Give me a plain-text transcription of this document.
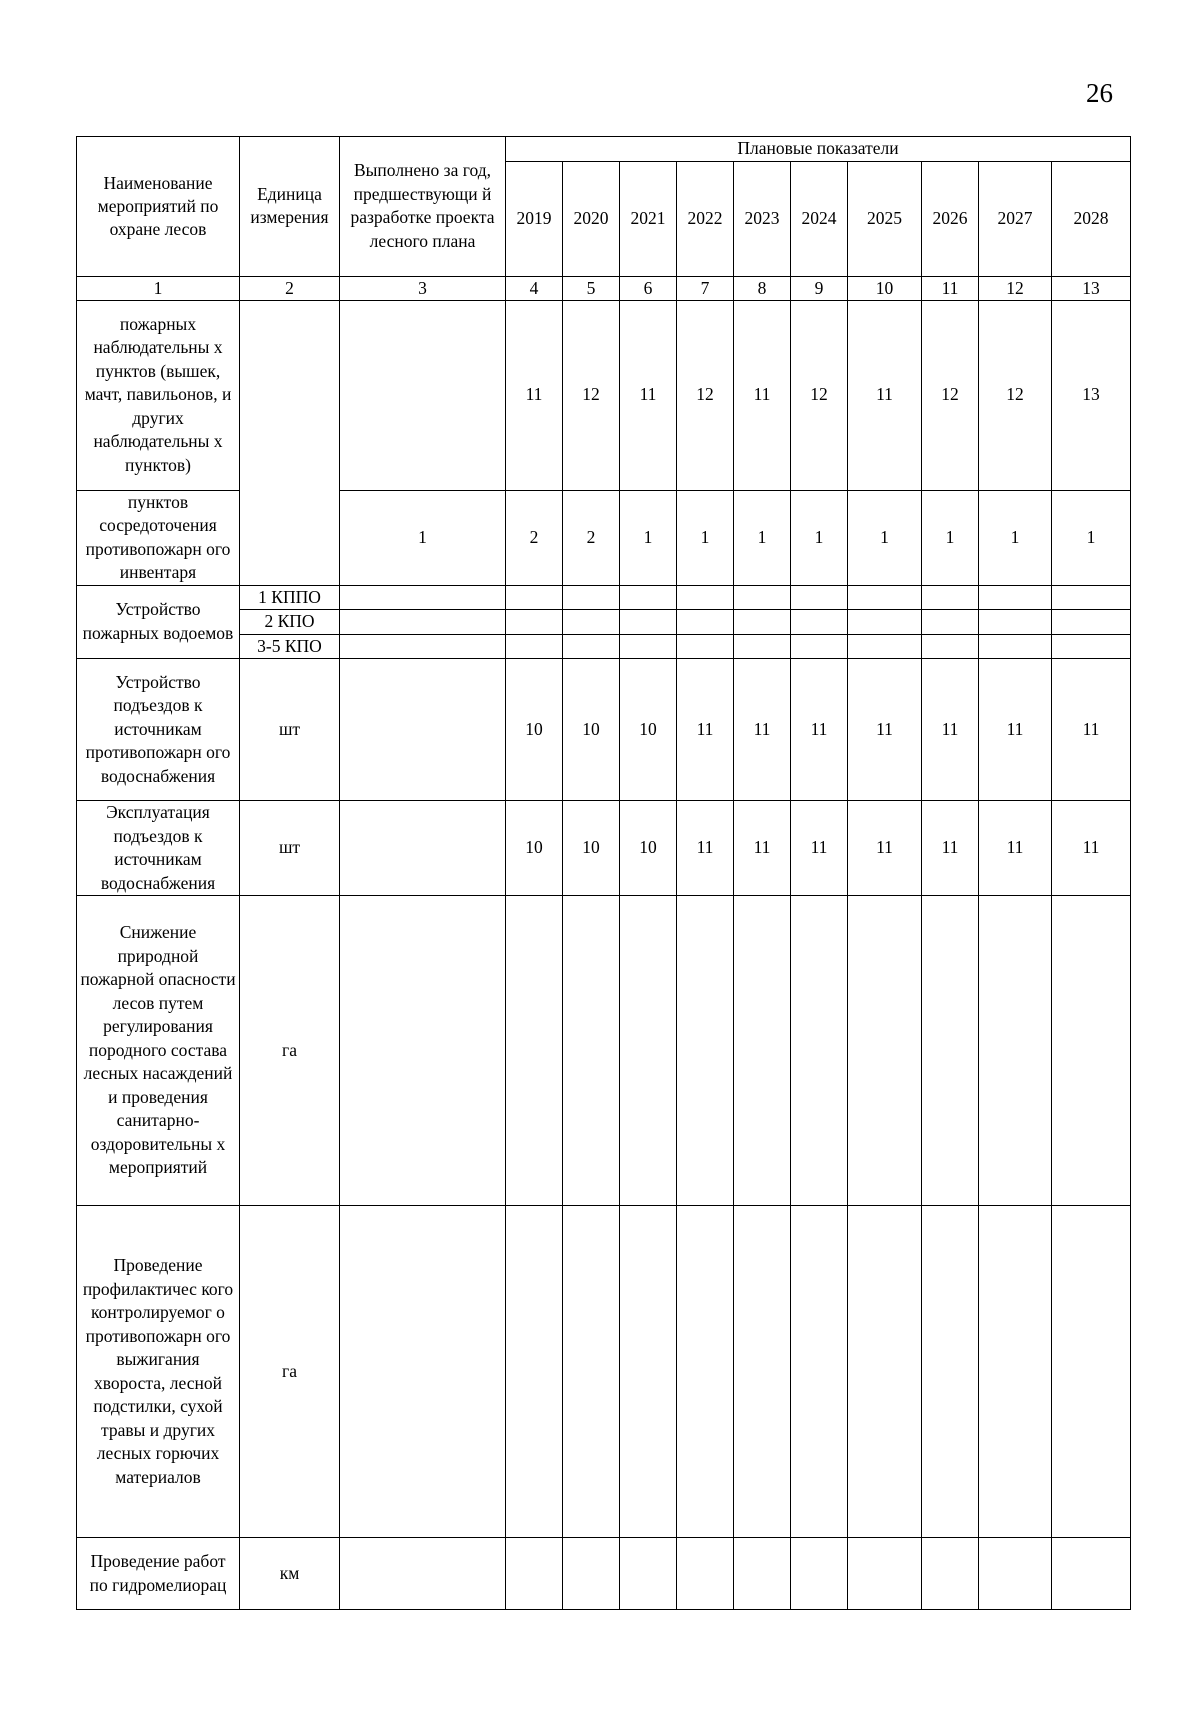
26
Наименование мероприятий по охране лесов	Единица измерения	Выполнено за год, предшествующи й разработке проекта лесного плана	Плановые показатели									
			2019	2020	2021	2022	2023	2024	2025	2026	2027	2028
1	2	3	4	5	6	7	8	9	10	11	12	13
пожарных наблюдательны х пунктов (вышек, мачт, павильонов, и других наблюдательны х пунктов)			11	12	11	12	11	12	11	12	12	13
пунктов сосредоточения противопожарн ого инвентаря		1	2	2	1	1	1	1	1	1	1	1
Устройство пожарных водоемов	1 КППО											
	2 КПО											
	3-5 КПО											
Устройство подъездов к источникам противопожарн ого водоснабжения	шт		10	10	10	11	11	11	11	11	11	11
Эксплуатация подъездов к источникам водоснабжения	шт		10	10	10	11	11	11	11	11	11	11
Снижение природной пожарной опасности лесов путем регулирования породного состава лесных насаждений и проведения санитарно- оздоровительны х мероприятий	га											
Проведение профилактичес кого контролируемог о противопожарн ого выжигания хвороста, лесной подстилки, сухой травы и других лесных горючих материалов	га											
Проведение работ по гидромелиорац	км											
